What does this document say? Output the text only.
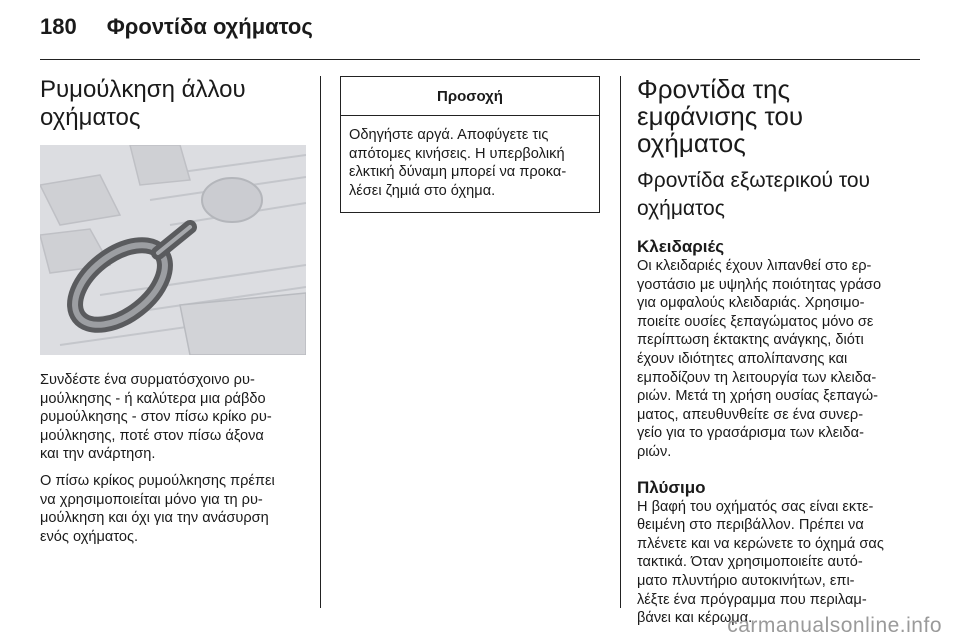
180 Φροντίδα οχήματος
Ρυμούλκηση άλλου
οχήματος

Συνδέστε ένα συρματόσχοινο ρυ-
μούλκησης - ή καλύτερα μια ράβδο
ρυμούλκησης - στον πίσω κρίκο ρυ-
μούλκησης, ποτέ στον πίσω άξονα
και την ανάρτηση.

Ο πίσω κρίκος ρυμούλκησης πρέπει
να χρησιμοποιείται μόνο για τη ρυ-
μούλκηση και όχι για την ανάσυρση
ενός οχήματος.

Προσοχή

Οδηγήστε αργά. Αποφύγετε τις
απότομες κινήσεις. Η υπερβολική
ελκτική δύναμη μπορεί να προκα-
λέσει ζημιά στο όχημα.

Φροντίδα της
εμφάνισης του
οχήματος
Φροντίδα εξωτερικού του
οχήματος
Κλειδαριές

Οι κλειδαριές έχουν λιπανθεί στο ερ-
γοστάσιο με υψηλής ποιότητας γράσο
για ομφαλούς κλειδαριάς. Χρησιμο-
ποιείτε ουσίες ξεπαγώματος μόνο σε
περίπτωση έκτακτης ανάγκης, διότι
έχουν ιδιότητες απολίπανσης και
εμποδίζουν τη λειτουργία των κλειδα-
ριών. Μετά τη χρήση ουσίας ξεπαγώ-
ματος, απευθυνθείτε σε ένα συνερ-
γείο για το γρασάρισμα των κλειδα-
ριών.

Πλύσιμο

Η βαφή του οχήματός σας είναι εκτε-
θειμένη στο περιβάλλον. Πρέπει να
πλένετε και να κερώνετε το όχημά σας
τακτικά. Όταν χρησιμοποιείτε αυτό-
ματο πλυντήριο αυτοκινήτων, επι-
λέξτε ένα πρόγραμμα που περιλαμ-
βάνει και κέρωμα.

carmanualsonline.info
